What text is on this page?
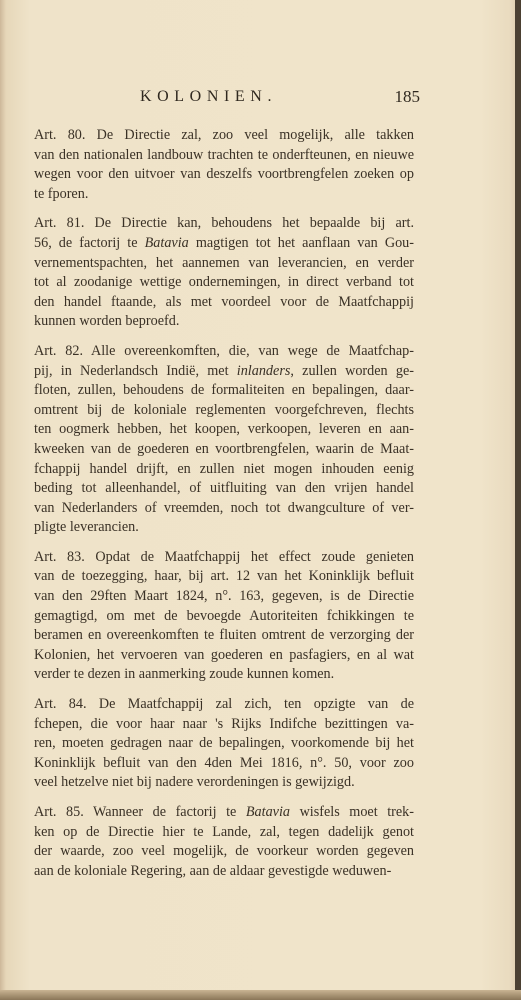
KOLONIEN.	185
Art. 80. De Directie zal, zoo veel mogelijk, alle takken
van den nationalen landbouw trachten te onderfteunen, en nieuwe
wegen voor den uitvoer van deszelfs voortbrengfelen zoeken op
te fporen.
Art. 81. De Directie kan, behoudens het bepaalde bij art.
56, de factorij te Batavia magtigen tot het aanflaan van Gou-
vernementspachten, het aannemen van leverancien, en verder
tot al zoodanige wettige ondernemingen, in direct verband tot
den handel ftaande, als met voordeel voor de Maatfchappij
kunnen worden beproefd.
Art. 82. Alle overeenkomften, die, van wege de Maatfchap-
pij, in Nederlandsch Indië, met inlanders, zullen worden ge-
floten, zullen, behoudens de formaliteiten en bepalingen, daar-
omtrent bij de koloniale reglementen voorgefchreven, flechts
ten oogmerk hebben, het koopen, verkoopen, leveren en aan-
kweeken van de goederen en voortbrengfelen, waarin de Maat-
fchappij handel drijft, en zullen niet mogen inhouden eenig
beding tot alleenhandel, of uitfluiting van den vrijen handel
van Nederlanders of vreemden, noch tot dwangculture of ver-
pligte leverancien.
Art. 83. Opdat de Maatfchappij het effect zoude genieten
van de toezegging, haar, bij art. 12 van het Koninklijk befluit
van den 29ften Maart 1824, n°. 163, gegeven, is de Directie
gemagtigd, om met de bevoegde Autoriteiten fchikkingen te
beramen en overeenkomften te fluiten omtrent de verzorging der
Kolonien, het vervoeren van goederen en pasfagiers, en al wat
verder te dezen in aanmerking zoude kunnen komen.
Art. 84. De Maatfchappij zal zich, ten opzigte van de
fchepen, die voor haar naar 's Rijks Indifche bezittingen va-
ren, moeten gedragen naar de bepalingen, voorkomende bij het
Koninklijk befluit van den 4den Mei 1816, n°. 50, voor zoo
veel hetzelve niet bij nadere verordeningen is gewijzigd.
Art. 85. Wanneer de factorij te Batavia wisfels moet trek-
ken op de Directie hier te Lande, zal, tegen dadelijk genot
der waarde, zoo veel mogelijk, de voorkeur worden gegeven
aan de koloniale Regering, aan de aldaar gevestigde weduwen-
